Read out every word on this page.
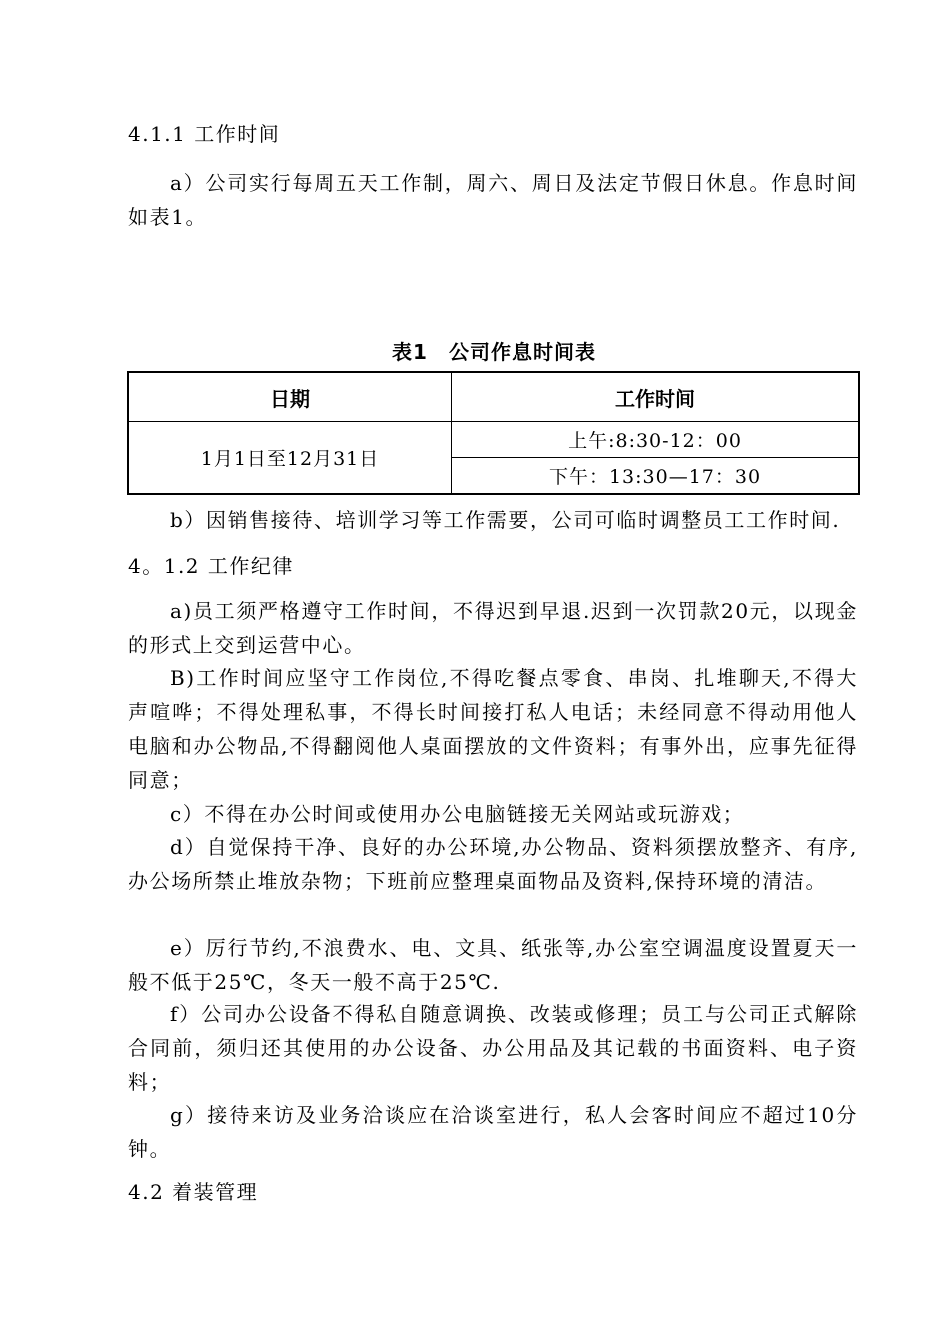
4.1.1 工作时间
a）公司实行每周五天工作制，周六、周日及法定节假日休息。作息时间如表1。
表1　公司作息时间表
日期	工作时间
1月1日至12月31日	上午:8:30-12：00
	下午：13:30—17：30
b）因销售接待、培训学习等工作需要，公司可临时调整员工工作时间.
4。1.2 工作纪律
a)员工须严格遵守工作时间，不得迟到早退.迟到一次罚款20元，以现金的形式上交到运营中心。
B)工作时间应坚守工作岗位,不得吃餐点零食、串岗、扎堆聊天,不得大声喧哗；不得处理私事，不得长时间接打私人电话；未经同意不得动用他人电脑和办公物品,不得翻阅他人桌面摆放的文件资料；有事外出，应事先征得同意；
c）不得在办公时间或使用办公电脑链接无关网站或玩游戏；
d）自觉保持干净、良好的办公环境,办公物品、资料须摆放整齐、有序,办公场所禁止堆放杂物；下班前应整理桌面物品及资料,保持环境的清洁。
e）厉行节约,不浪费水、电、文具、纸张等,办公室空调温度设置夏天一般不低于25℃，冬天一般不高于25℃.
f）公司办公设备不得私自随意调换、改装或修理；员工与公司正式解除合同前，须归还其使用的办公设备、办公用品及其记载的书面资料、电子资料；
g）接待来访及业务洽谈应在洽谈室进行，私人会客时间应不超过10分钟。
4.2 着装管理
